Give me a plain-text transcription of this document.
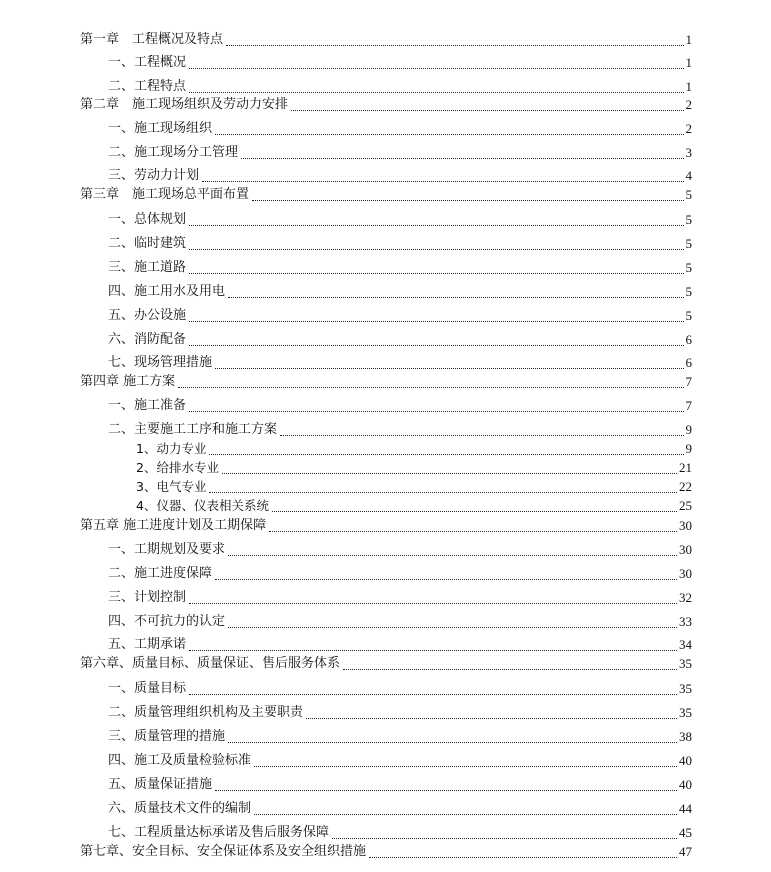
第一章　工程概况及特点	1
一、工程概况	1
二、工程特点	1
第二章　施工现场组织及劳动力安排	2
一、施工现场组织	2
二、施工现场分工管理	3
三、劳动力计划	4
第三章　施工现场总平面布置	5
一、总体规划	5
二、临时建筑	5
三、施工道路	5
四、施工用水及用电	5
五、办公设施	5
六、消防配备	6
七、现场管理措施	6
第四章 施工方案	7
一、施工准备	7
二、主要施工工序和施工方案	9
1、动力专业	9
2、给排水专业	21
3、电气专业	22
4、仪器、仪表相关系统	25
第五章 施工进度计划及工期保障	30
一、工期规划及要求	30
二、施工进度保障	30
三、计划控制	32
四、不可抗力的认定	33
五、工期承诺	34
第六章、质量目标、质量保证、售后服务体系	35
一、质量目标	35
二、质量管理组织机构及主要职责	35
三、质量管理的措施	38
四、施工及质量检验标准	40
五、质量保证措施	40
六、质量技术文件的编制	44
七、工程质量达标承诺及售后服务保障	45
第七章、安全目标、安全保证体系及安全组织措施	47
